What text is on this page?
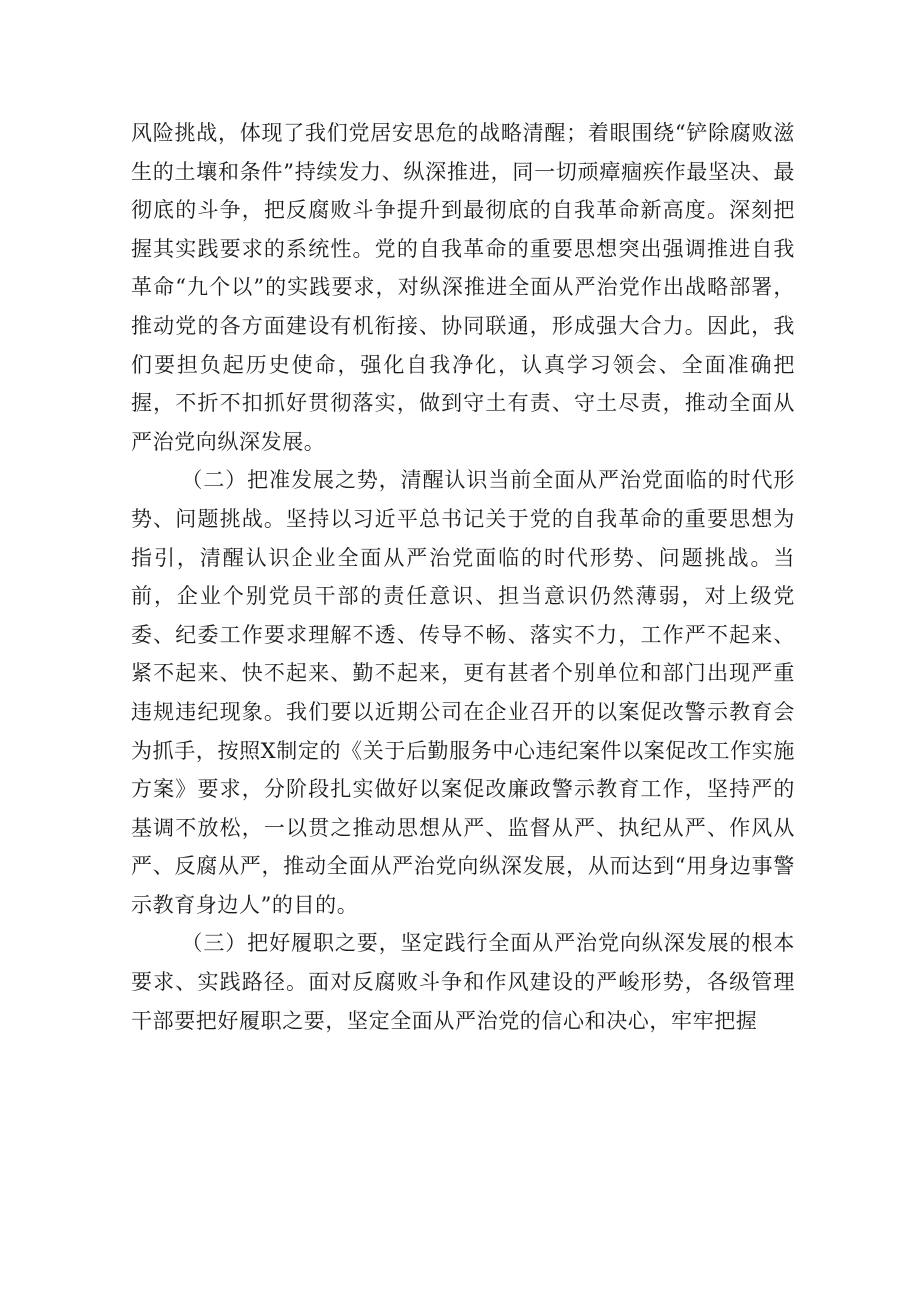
风险挑战，体现了我们党居安思危的战略清醒；着眼围绕“铲除腐败滋生的土壤和条件”持续发力、纵深推进，同一切顽瘴痼疾作最坚决、最彻底的斗争，把反腐败斗争提升到最彻底的自我革命新高度。深刻把握其实践要求的系统性。党的自我革命的重要思想突出强调推进自我革命“九个以”的实践要求，对纵深推进全面从严治党作出战略部署，推动党的各方面建设有机衔接、协同联通，形成强大合力。因此，我们要担负起历史使命，强化自我净化，认真学习领会、全面准确把握，不折不扣抓好贯彻落实，做到守土有责、守土尽责，推动全面从严治党向纵深发展。

（二）把准发展之势，清醒认识当前全面从严治党面临的时代形势、问题挑战。坚持以习近平总书记关于党的自我革命的重要思想为指引，清醒认识企业全面从严治党面临的时代形势、问题挑战。当前，企业个别党员干部的责任意识、担当意识仍然薄弱，对上级党委、纪委工作要求理解不透、传导不畅、落实不力，工作严不起来、紧不起来、快不起来、勤不起来，更有甚者个别单位和部门出现严重违规违纪现象。我们要以近期公司在企业召开的以案促改警示教育会为抓手，按照X制定的《关于后勤服务中心违纪案件以案促改工作实施方案》要求，分阶段扎实做好以案促改廉政警示教育工作，坚持严的基调不放松，一以贯之推动思想从严、监督从严、执纪从严、作风从严、反腐从严，推动全面从严治党向纵深发展，从而达到“用身边事警示教育身边人”的目的。

（三）把好履职之要，坚定践行全面从严治党向纵深发展的根本要求、实践路径。面对反腐败斗争和作风建设的严峻形势，各级管理干部要把好履职之要，坚定全面从严治党的信心和决心，牢牢把握
